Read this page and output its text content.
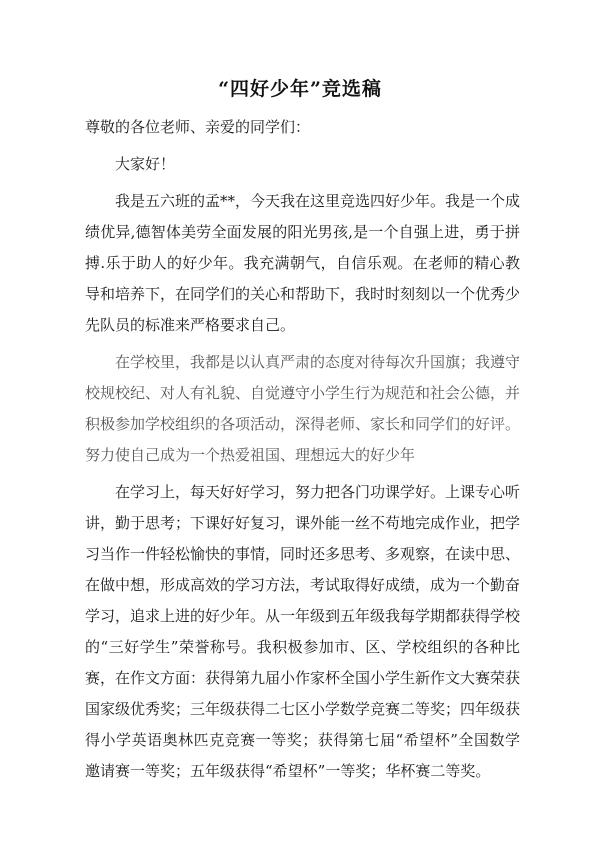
“四好少年”竞选稿

尊敬的各位老师、亲爱的同学们：

大家好！

我是五六班的孟**，今天我在这里竞选四好少年。我是一个成绩优异,德智体美劳全面发展的阳光男孩,是一个自强上进，勇于拼搏.乐于助人的好少年。我充满朝气，自信乐观。在老师的精心教导和培养下，在同学们的关心和帮助下，我时时刻刻以一个优秀少先队员的标准来严格要求自己。

在学校里，我都是以认真严肃的态度对待每次升国旗；我遵守校规校纪、对人有礼貌、自觉遵守小学生行为规范和社会公德，并积极参加学校组织的各项活动，深得老师、家长和同学们的好评。努力使自己成为一个热爱祖国、理想远大的好少年

在学习上，每天好好学习，努力把各门功课学好。上课专心听讲，勤于思考；下课好好复习，课外能一丝不苟地完成作业，把学习当作一件轻松愉快的事情，同时还多思考、多观察，在读中思、在做中想，形成高效的学习方法，考试取得好成绩，成为一个勤奋学习，追求上进的好少年。从一年级到五年级我每学期都获得学校的“三好学生”荣誉称号。我积极参加市、区、学校组织的各种比赛，在作文方面：获得第九届小作家杯全国小学生新作文大赛荣获国家级优秀奖；三年级获得二七区小学数学竞赛二等奖；四年级获得小学英语奥林匹克竞赛一等奖；获得第七届“希望杯”全国数学邀请赛一等奖；五年级获得“希望杯”一等奖；华杯赛二等奖。
